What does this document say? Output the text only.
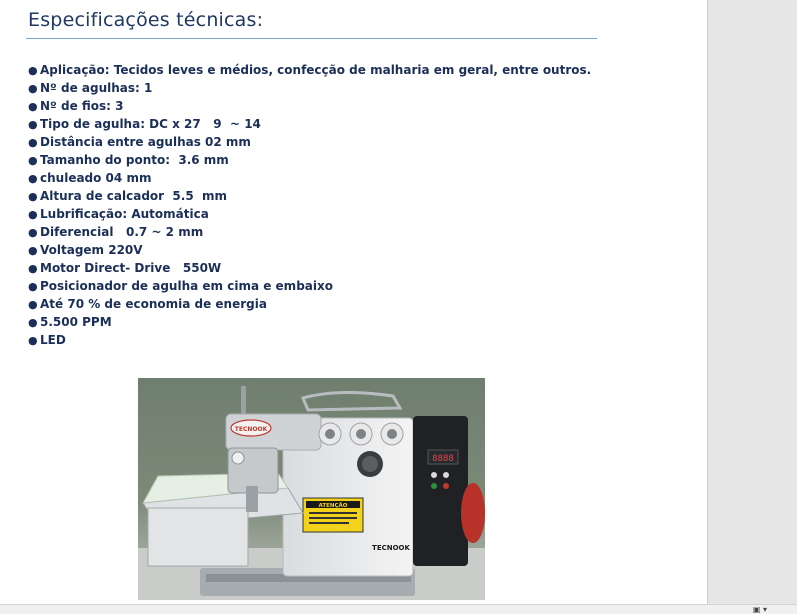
Especificações técnicas:
● Aplicação: Tecidos leves e médios, confecção de malharia em geral, entre outros.
● Nº de agulhas: 1
● Nº de fios: 3
● Tipo de agulha: DC x 27   9  ~ 14
● Distância entre agulhas 02 mm
● Tamanho do ponto:  3.6 mm
● chuleado 04 mm
● Altura de calcador  5.5  mm
● Lubrificação: Automática
● Diferencial   0.7 ~ 2 mm
● Voltagem 220V
● Motor Direct- Drive   550W
● Posicionador de agulha em cima e embaixo
● Até 70 % de economia de energia
● 5.500 PPM
● LED
TECNOOK
8888
ATENÇÃO
TECNOOK
▣ ▾
